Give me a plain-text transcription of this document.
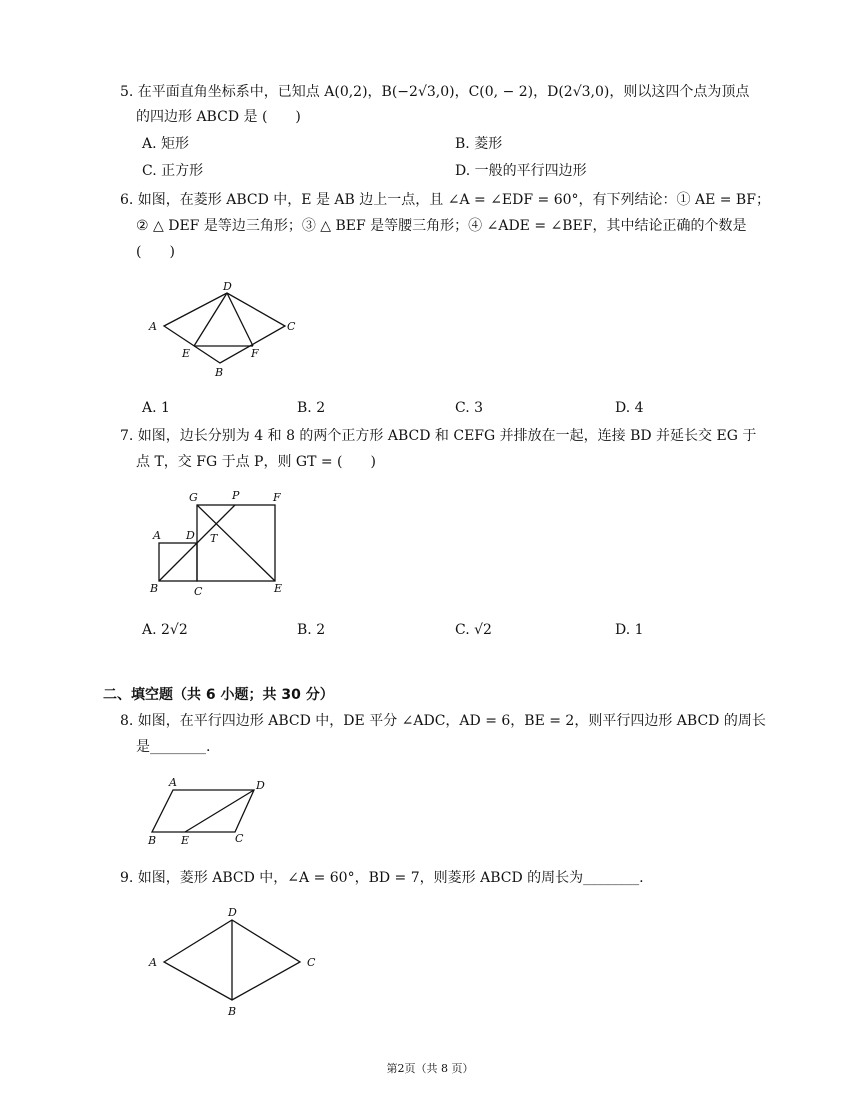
5. 在平面直角坐标系中，已知点 A(0,2)，B(−2√3,0)，C(0, − 2)，D(2√3,0)，则以这四个点为顶点
的四边形 ABCD 是 (　　)
A. 矩形	B. 菱形
C. 正方形	D. 一般的平行四边形
6. 如图，在菱形 ABCD 中，E 是 AB 边上一点，且 ∠A = ∠EDF = 60°，有下列结论：① AE = BF；
② △ DEF 是等边三角形；③ △ BEF 是等腰三角形；④ ∠ADE = ∠BEF，其中结论正确的个数是
(　　)
D
A	C
E	F
B
A. 1	B. 2	C. 3	D. 4
7. 如图，边长分别为 4 和 8 的两个正方形 ABCD 和 CEFG 并排放在一起，连接 BD 并延长交 EG 于
点 T，交 FG 于点 P，则 GT = (　　)
G	P	F
A D T
B	C	E
A. 2√2	B. 2	C. √2	D. 1
二、填空题（共 6 小题；共 30 分）
8. 如图，在平行四边形 ABCD 中，DE 平分 ∠ADC，AD = 6，BE = 2，则平行四边形 ABCD 的周长
是________.
A	D
B E	C
9. 如图，菱形 ABCD 中，∠A = 60°，BD = 7，则菱形 ABCD 的周长为________.
D
A	C
B
第2页（共 8 页）
